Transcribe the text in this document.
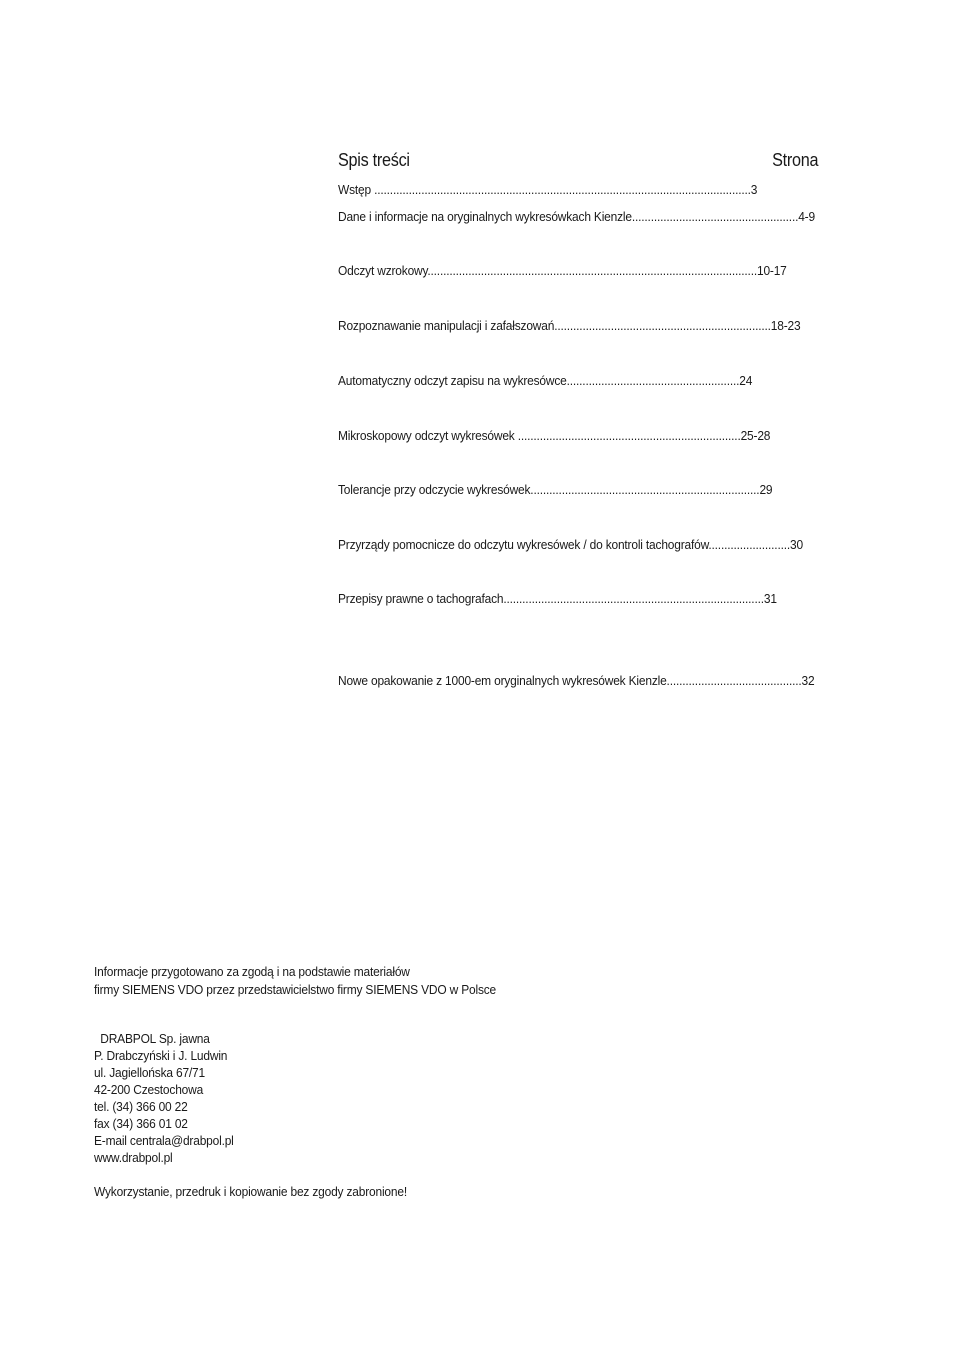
Spis treści	Strona
Wstęp ........................................................................................................................3
Dane i informacje na oryginalnych wykresówkach Kienzle.....................................................4-9
Odczyt wzrokowy.........................................................................................................10-17
Rozpoznawanie manipulacji i zafałszowań.....................................................................18-23
Automatyczny odczyt zapisu na wykresówce.......................................................24
Mikroskopowy odczyt wykresówek .......................................................................25-28
Tolerancje przy odczycie wykresówek.........................................................................29
Przyrządy pomocnicze do odczytu wykresówek / do kontroli tachografów..........................30
Przepisy prawne o tachografach...................................................................................31
Nowe opakowanie z 1000-em oryginalnych wykresówek Kienzle...........................................32
Informacje przygotowano za zgodą i na podstawie materiałów
firmy SIEMENS VDO przez przedstawicielstwo firmy SIEMENS VDO w Polsce
DRABPOL Sp. jawna
P. Drabczyński i J. Ludwin
ul. Jagiellońska 67/71
42-200 Czestochowa
tel. (34) 366 00 22
fax (34) 366 01 02
E-mail centrala@drabpol.pl
www.drabpol.pl
Wykorzystanie, przedruk i kopiowanie bez zgody zabronione!
